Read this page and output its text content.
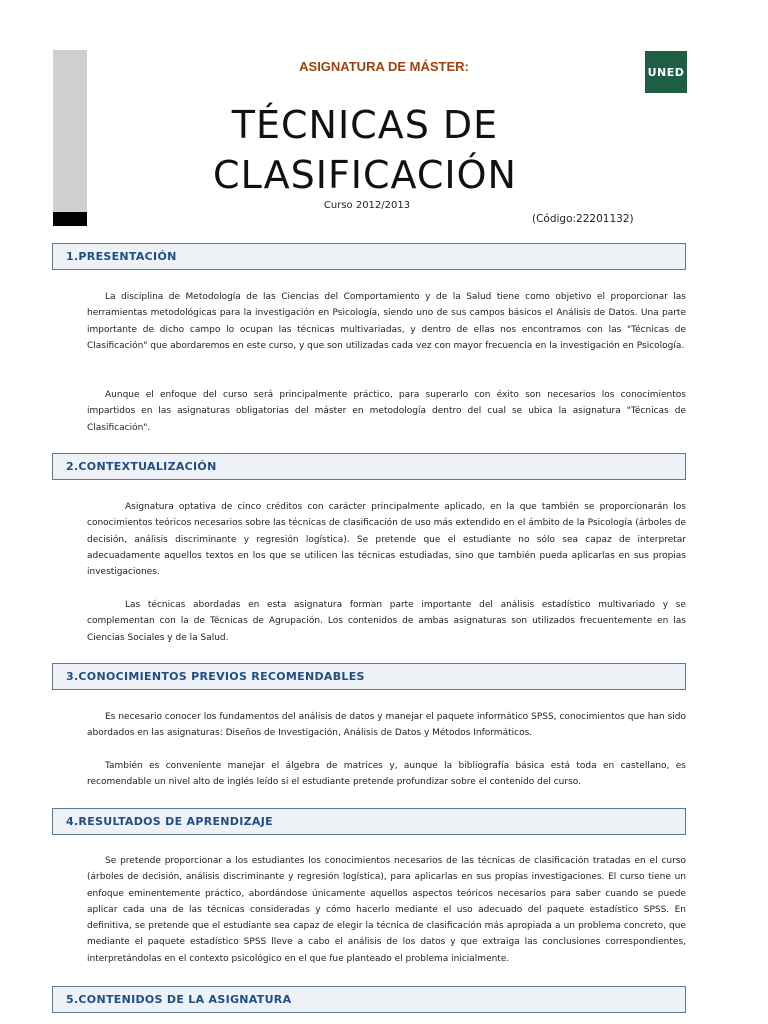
ASIGNATURA DE MÁSTER:	UNED
TÉCNICAS DE
CLASIFICACIÓN
Curso 2012/2013
(Código:22201132)
1.PRESENTACIÓN

La disciplina de Metodología de las Ciencias del Comportamiento y de la Salud tiene como objetivo el proporcionar las herramientas metodológicas para la investigación en Psicología, siendo uno de sus campos básicos el Análisis de Datos. Una parte importante de dicho campo lo ocupan las técnicas multivariadas, y dentro de ellas nos encontramos con las "Técnicas de Clasificación" que abordaremos en este curso, y que son utilizadas cada vez con mayor frecuencia en la investigación en Psicología.

Aunque el enfoque del curso será principalmente práctico, para superarlo con éxito son necesarios los conocimientos impartidos en las asignaturas obligatorias del máster en metodología dentro del cual se ubica la asignatura "Técnicas de Clasificación".

2.CONTEXTUALIZACIÓN

Asignatura optativa de cinco créditos con carácter principalmente aplicado, en la que también se proporcionarán los conocimientos teóricos necesarios sobre las técnicas de clasificación de uso más extendido en el ámbito de la Psicología (árboles de decisión, análisis discriminante y regresión logística). Se pretende que el estudiante no sólo sea capaz de interpretar adecuadamente aquellos textos en los que se utilicen las técnicas estudiadas, sino que también pueda aplicarlas en sus propias investigaciones.

Las técnicas abordadas en esta asignatura forman parte importante del análisis estadístico multivariado y se complementan con la de Técnicas de Agrupación. Los contenidos de ambas asignaturas son utilizados frecuentemente en las Ciencias Sociales y de la Salud.

3.CONOCIMIENTOS PREVIOS RECOMENDABLES

Es necesario conocer los fundamentos del análisis de datos y manejar el paquete informático SPSS, conocimientos que han sido abordados en las asignaturas: Diseños de Investigación, Análisis de Datos y Métodos Informáticos.

También es conveniente manejar el álgebra de matrices y, aunque la bibliografía básica está toda en castellano, es recomendable un nivel alto de inglés leído si el estudiante pretende profundizar sobre el contenido del curso.

4.RESULTADOS DE APRENDIZAJE

Se pretende proporcionar a los estudiantes los conocimientos necesarios de las técnicas de clasificación tratadas en el curso (árboles de decisión, análisis discriminante y regresión logística), para aplicarlas en sus propias investigaciones. El curso tiene un enfoque eminentemente práctico, abordándose únicamente aquellos aspectos teóricos necesarios para saber cuando se puede aplicar cada una de las técnicas consideradas y cómo hacerlo mediante el uso adecuado del paquete estadístico SPSS. En definitiva, se pretende que el estudiante sea capaz de elegir la técnica de clasificación más apropiada a un problema concreto, que mediante el paquete estadístico SPSS lleve a cabo el análisis de los datos y que extraiga las conclusiones correspondientes, interpretándolas en el contexto psicológico en el que fue planteado el problema inicialmente.

5.CONTENIDOS DE LA ASIGNATURA
